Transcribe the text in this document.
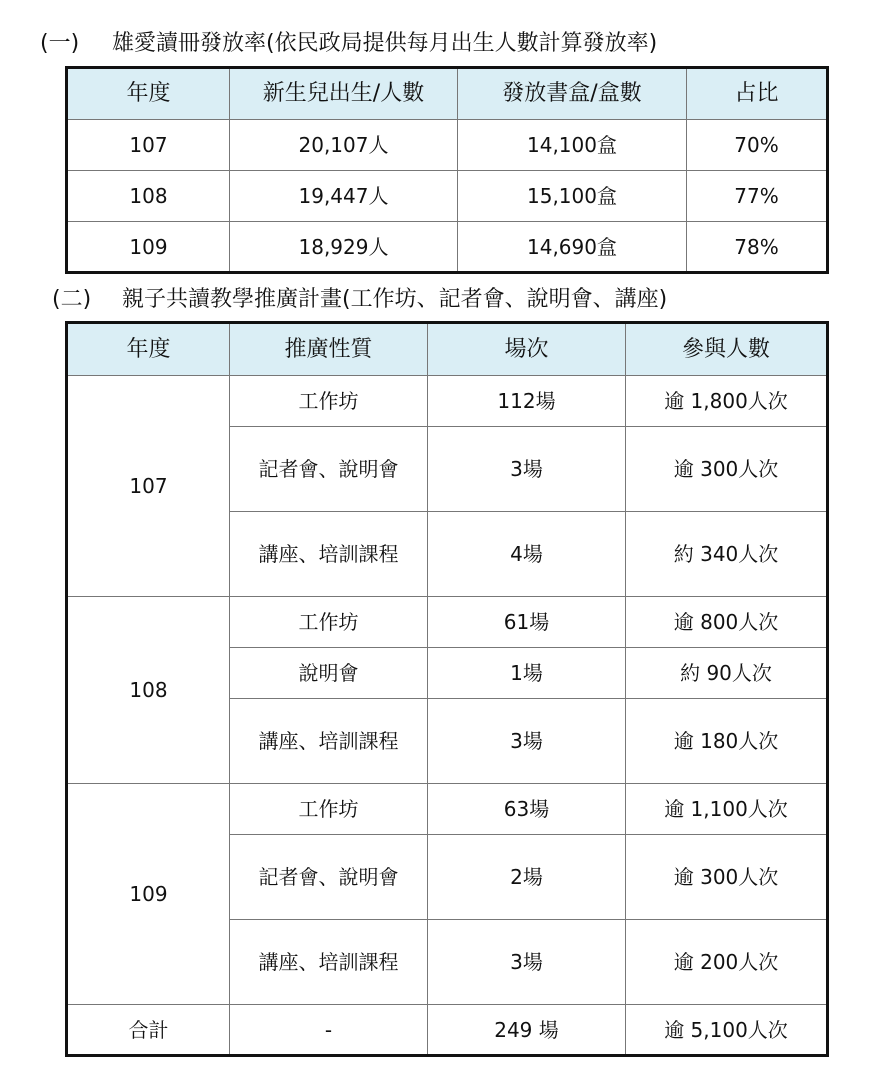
(一)	雄愛讀冊發放率(依民政局提供每月出生人數計算發放率)
年度	新生兒出生/人數	發放書盒/盒數	占比
107	20,107人	14,100盒	70%
108	19,447人	15,100盒	77%
109	18,929人	14,690盒	78%
(二)	親子共讀教學推廣計畫(工作坊、記者會、說明會、講座)
年度	推廣性質	場次	參與人數
107	工作坊	112場	逾 1,800人次
	記者會、說明會	3場	逾 300人次
	講座、培訓課程	4場	約 340人次
108	工作坊	61場	逾 800人次
	說明會	1場	約 90人次
	講座、培訓課程	3場	逾 180人次
109	工作坊	63場	逾 1,100人次
	記者會、說明會	2場	逾 300人次
	講座、培訓課程	3場	逾 200人次
合計	-	249 場	逾 5,100人次
